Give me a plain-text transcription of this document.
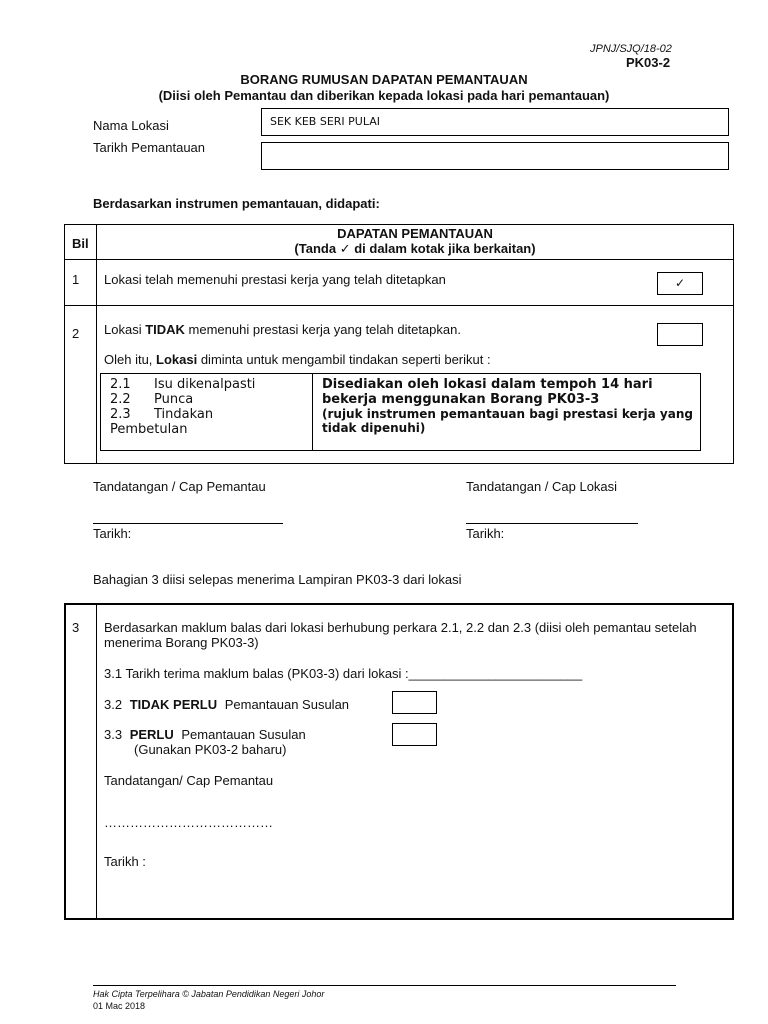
JPNJ/SJQ/18-02
PK03-2
BORANG RUMUSAN DAPATAN PEMANTAUAN
(Diisi oleh Pemantau dan diberikan kepada lokasi pada hari pemantauan)
Nama Lokasi	SEK KEB SERI PULAI
Tarikh Pemantauan
Berdasarkan instrumen pemantauan, didapati:
Bil
DAPATAN PEMANTAUAN
(Tanda ✓ di dalam kotak jika berkaitan)
1 Lokasi telah memenuhi prestasi kerja yang telah ditetapkan	✓
2 Lokasi TIDAK memenuhi prestasi kerja yang telah ditetapkan.
Oleh itu, Lokasi diminta untuk mengambil tindakan seperti berikut :
2.1 Isu dikenalpasti
2.2 Punca
2.3 Tindakan
Pembetulan
Disediakan oleh lokasi dalam tempoh 14 hari bekerja menggunakan Borang PK03-3
(rujuk instrumen pemantauan bagi prestasi kerja yang tidak dipenuhi)
Tandatangan / Cap Pemantau	Tandatangan / Cap Lokasi
Tarikh:	Tarikh:
Bahagian 3 diisi selepas menerima Lampiran PK03-3 dari lokasi
3 Berdasarkan maklum balas dari lokasi berhubung perkara 2.1, 2.2 dan 2.3 (diisi oleh pemantau setelah menerima Borang PK03-3)
3.1 Tarikh terima maklum balas (PK03-3) dari lokasi :________________________
3.2 TIDAK PERLU Pemantauan Susulan
3.3 PERLU Pemantauan Susulan
(Gunakan PK03-2 baharu)
Tandatangan/ Cap Pemantau
…………………………………
Tarikh :
Hak Cipta Terpelihara © Jabatan Pendidikan Negeri Johor
01 Mac 2018
